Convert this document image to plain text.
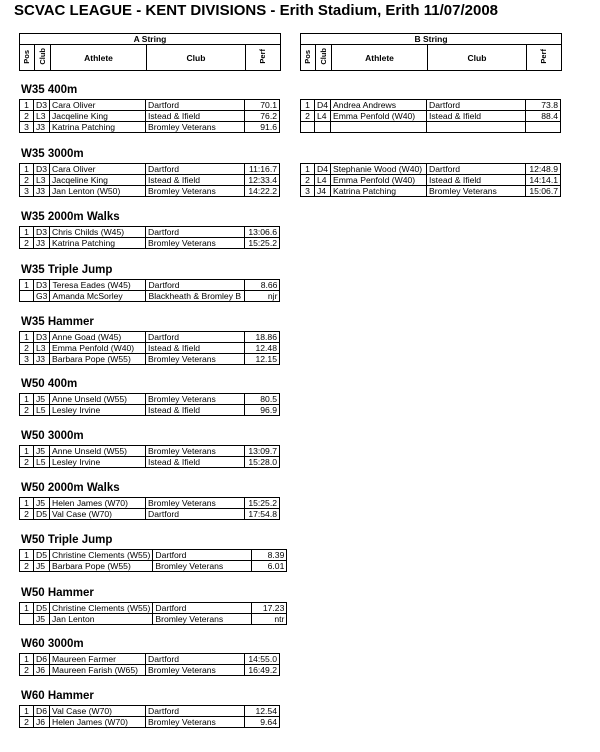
SCVAC LEAGUE - KENT DIVISIONS - Erith Stadium, Erith 11/07/2008
A String
Pos	Club	Athlete	Club	Perf
B String
Pos	Club	Athlete	Club	Perf
W35 400m
1	D3	Cara Oliver	Dartford	70.1
2	L3	Jacqeline King	Istead & Ifield	76.2
3	J3	Katrina Patching	Bromley Veterans	91.6
1	D4	Andrea Andrews	Dartford	73.8
2	L4	Emma Penfold (W40)	Istead & Ifield	88.4

W35 3000m
1	D3	Cara Oliver	Dartford	11:16.7
2	L3	Jacqeline King	Istead & Ifield	12:33.4
3	J3	Jan Lenton (W50)	Bromley Veterans	14:22.2
1	D4	Stephanie Wood (W40)	Dartford	12:48.9
2	L4	Emma Penfold (W40)	Istead & Ifield	14:14.1
3	J4	Katrina Patching	Bromley Veterans	15:06.7
W35 2000m Walks
1	D3	Chris Childs (W45)	Dartford	13:06.6
2	J3	Katrina Patching	Bromley Veterans	15:25.2
W35 Triple Jump
1	D3	Teresa Eades (W45)	Dartford	8.66
	G3	Amanda McSorley	Blackheath & Bromley B	njr
W35 Hammer
1	D3	Anne Goad (W45)	Dartford	18.86
2	L3	Emma Penfold (W40)	Istead & Ifield	12.48
3	J3	Barbara Pope (W55)	Bromley Veterans	12.15
W50 400m
1	J5	Anne Unseld (W55)	Bromley Veterans	80.5
2	L5	Lesley Irvine	Istead & Ifield	96.9
W50 3000m
1	J5	Anne Unseld (W55)	Bromley Veterans	13:09.7
2	L5	Lesley Irvine	Istead & Ifield	15:28.0
W50 2000m Walks
1	J5	Helen James (W70)	Bromley Veterans	15:25.2
2	D5	Val Case (W70)	Dartford	17:54.8
W50 Triple Jump
1	D5	Christine Clements (W55)	Dartford	8.39
2	J5	Barbara Pope (W55)	Bromley Veterans	6.01
W50 Hammer
1	D5	Christine Clements (W55)	Dartford	17.23
	J5	Jan Lenton	Bromley Veterans	ntr
W60 3000m
1	D6	Maureen Farmer	Dartford	14:55.0
2	J6	Maureen Farish (W65)	Bromley Veterans	16:49.2
W60 Hammer
1	D6	Val Case (W70)	Dartford	12.54
2	J6	Helen James (W70)	Bromley Veterans	9.64
